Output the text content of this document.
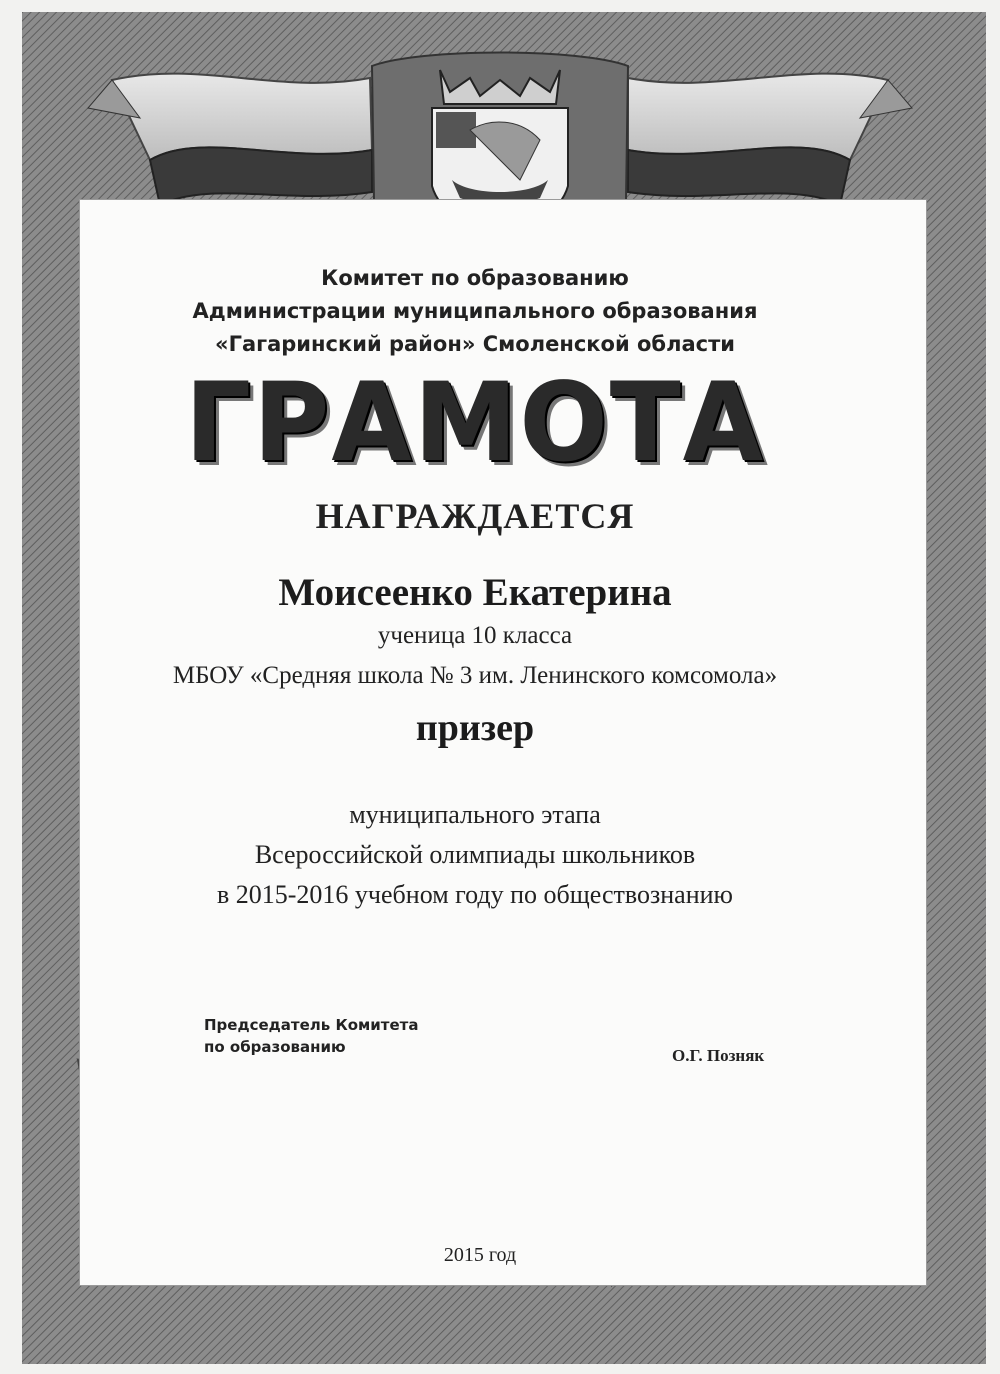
Комитет по образованию
Администрации муниципального образования
«Гагаринский район» Смоленской области
ГРАМОТА
НАГРАЖДАЕТСЯ
Моисеенко Екатерина
ученица 10 класса
МБОУ «Средняя школа № 3 им. Ленинского комсомола»
призер
муниципального этапа
Всероссийской олимпиады школьников
в 2015-2016 учебном году по обществознанию
Председатель Комитета
по образованию	О.Г. Позняк
2015 год
